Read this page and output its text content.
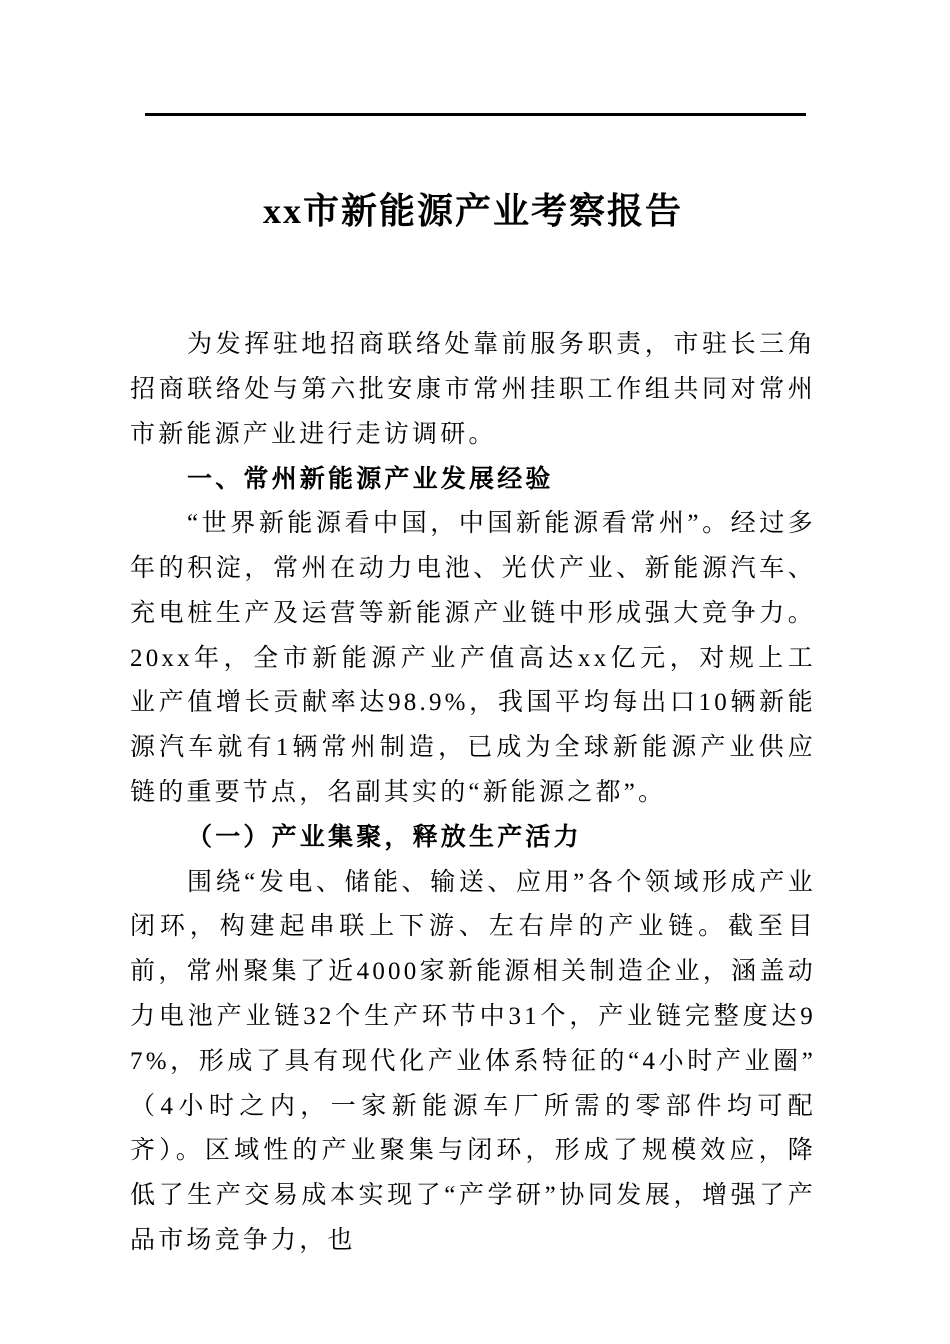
xx市新能源产业考察报告

为发挥驻地招商联络处靠前服务职责，市驻长三角招商联络处与第六批安康市常州挂职工作组共同对常州市新能源产业进行走访调研。

一、常州新能源产业发展经验

“世界新能源看中国，中国新能源看常州”。经过多年的积淀，常州在动力电池、光伏产业、新能源汽车、充电桩生产及运营等新能源产业链中形成强大竞争力。20xx年，全市新能源产业产值高达xx亿元，对规上工业产值增长贡献率达98.9%，我国平均每出口10辆新能源汽车就有1辆常州制造，已成为全球新能源产业供应链的重要节点，名副其实的“新能源之都”。

（一）产业集聚，释放生产活力

围绕“发电、储能、输送、应用”各个领域形成产业闭环，构建起串联上下游、左右岸的产业链。截至目前，常州聚集了近4000家新能源相关制造企业，涵盖动力电池产业链32个生产环节中31个，产业链完整度达97%，形成了具有现代化产业体系特征的“4小时产业圈”（4小时之内，一家新能源车厂所需的零部件均可配齐）。区域性的产业聚集与闭环，形成了规模效应，降低了生产交易成本实现了“产学研”协同发展，增强了产品市场竞争力，也
